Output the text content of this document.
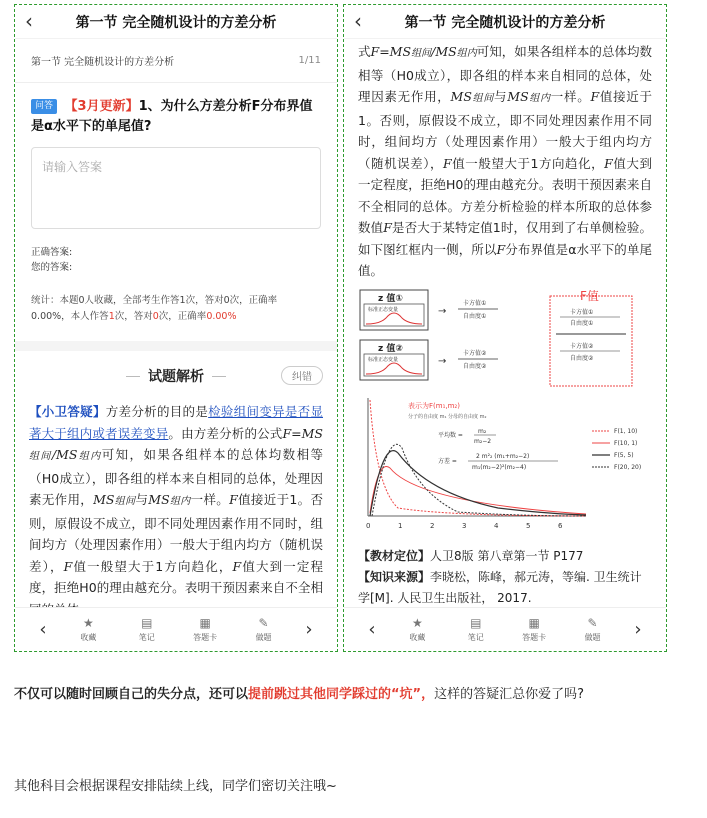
‹	第一节 完全随机设计的方差分析
第一节 完全随机设计的方差分析	1/11
问答 【3月更新】1、为什么方差分析F分布界值是α水平下的单尾值?
请输入答案
正确答案:
您的答案:
统计：本题0人收藏，全部考生作答1次，答对0次，正确率
0.00%，本人作答1次，答对0次，正确率0.00%
试题解析	纠错
【小卫答疑】方差分析的目的是检验组间变异是否显著大于组内或者误差变异。由方差分析的公式F=MS组间/MS组内可知，如果各组样本的总体均数相等（H0成立），即各组的样本来自相同的总体，处理因素无作用，MS组间与MS组内一样。F值接近于1。否则，原假设不成立，即不同处理因素作用不同时，组间均方（处理因素作用）一般大于组内均方（随机误差），F值一般望大于1方向趋化，F值大到一定程度，拒绝H0的理由越充分。表明干预因素来自不全相
‹	★
收藏
▤
笔记
▦
答题卡
✎
做题	›
‹	第一节 完全随机设计的方差分析
式F=MS组间/MS组内可知，如果各组样本的总体均数相等（H0成立），即各组的样本来自相同的总体，处理因素无作用，MS组间与MS组内一样。F值接近于1。否则，原假设不成立，即不同处理因素作用不同时，组间均方（处理因素作用）一般大于组内均方（随机误差），F值一般望大于1方向趋化，F值大到一定程度，拒绝H0的理由越充分。表明干预因素来自不全相同的总体。方差分析检验的样本所取的总体参数值F是否大于某特定值1时，仅用到了右单侧检验。如下图红框内一侧，所以F分布界值是α水平下的单尾值。
z 值①
标准正态变量	→
卡方值①
自由度①
z 值②
标准正态变量	→
卡方值②
自由度②
F值
卡方值①
自由度①
卡方值②
自由度②
表示为F(m₁,m₂)
分子的自由度 m₁ 分母的自由度 m₂
平均数 =
m₂
m₂−2
方差 =
2 m²₂ (m₁+m₂−2)
m₁(m₂−2)²(m₂−4)
F(1, 10)
F(10, 1)
F(5, 5)
F(20, 20)
0	1	2	3	4	5	6
【教材定位】人卫8版 第八章第一节 P177
【知识来源】李晓松，陈峰，郝元涛，等编. 卫生统计学[M]. 人民卫生出版社， 2017.
‹	★
收藏
▤
笔记
▦
答题卡
✎
做题	›
不仅可以随时回顾自己的失分点，还可以提前跳过其他同学踩过的“坑”，这样的答疑汇总你爱了吗?
其他科目会根据课程安排陆续上线，同学们密切关注哦~
